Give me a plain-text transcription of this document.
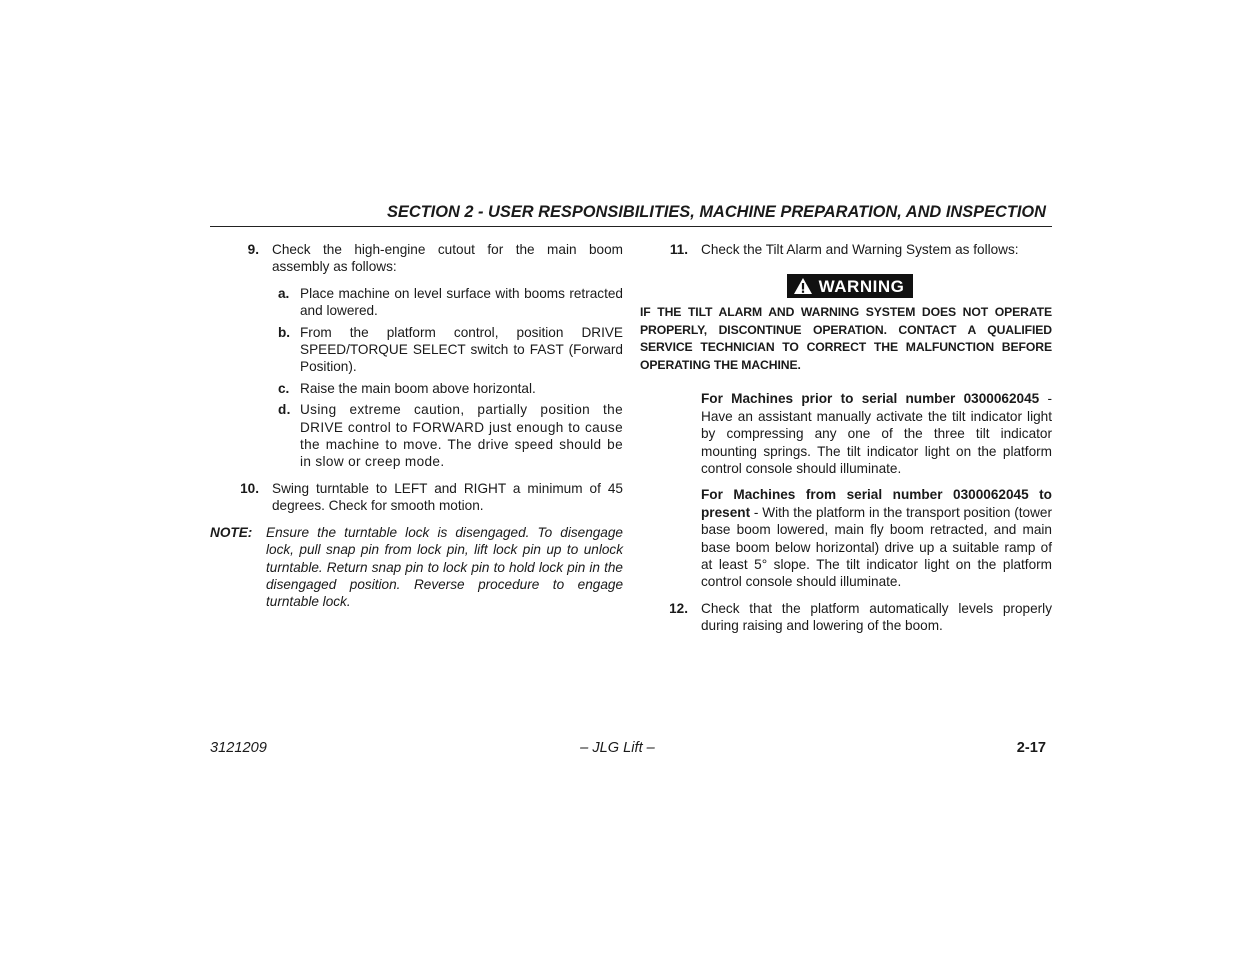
SECTION 2 - USER RESPONSIBILITIES, MACHINE PREPARATION, AND INSPECTION
9. Check the high-engine cutout for the main boom assembly as follows:
a. Place machine on level surface with booms retracted and lowered.
b. From the platform control, position DRIVE SPEED/TORQUE SELECT switch to FAST (Forward Position).
c. Raise the main boom above horizontal.
d. Using extreme caution, partially position the DRIVE control to FORWARD just enough to cause the machine to move. The drive speed should be in slow or creep mode.
10. Swing turntable to LEFT and RIGHT a minimum of 45 degrees. Check for smooth motion.
NOTE: Ensure the turntable lock is disengaged. To disengage lock, pull snap pin from lock pin, lift lock pin up to unlock turntable. Return snap pin to lock pin to hold lock pin in the disengaged position. Reverse procedure to engage turntable lock.
11. Check the Tilt Alarm and Warning System as follows:
WARNING
IF THE TILT ALARM AND WARNING SYSTEM DOES NOT OPERATE PROPERLY, DISCONTINUE OPERATION. CONTACT A QUALIFIED SERVICE TECHNICIAN TO CORRECT THE MALFUNCTION BEFORE OPERATING THE MACHINE.
For Machines prior to serial number 0300062045 - Have an assistant manually activate the tilt indicator light by compressing any one of the three tilt indicator mounting springs. The tilt indicator light on the platform control console should illuminate.
For Machines from serial number 0300062045 to present - With the platform in the transport position (tower base boom lowered, main fly boom retracted, and main base boom below horizontal) drive up a suitable ramp of at least 5° slope. The tilt indicator light on the platform control console should illuminate.
12. Check that the platform automatically levels properly during raising and lowering of the boom.
3121209	– JLG Lift –	2-17
